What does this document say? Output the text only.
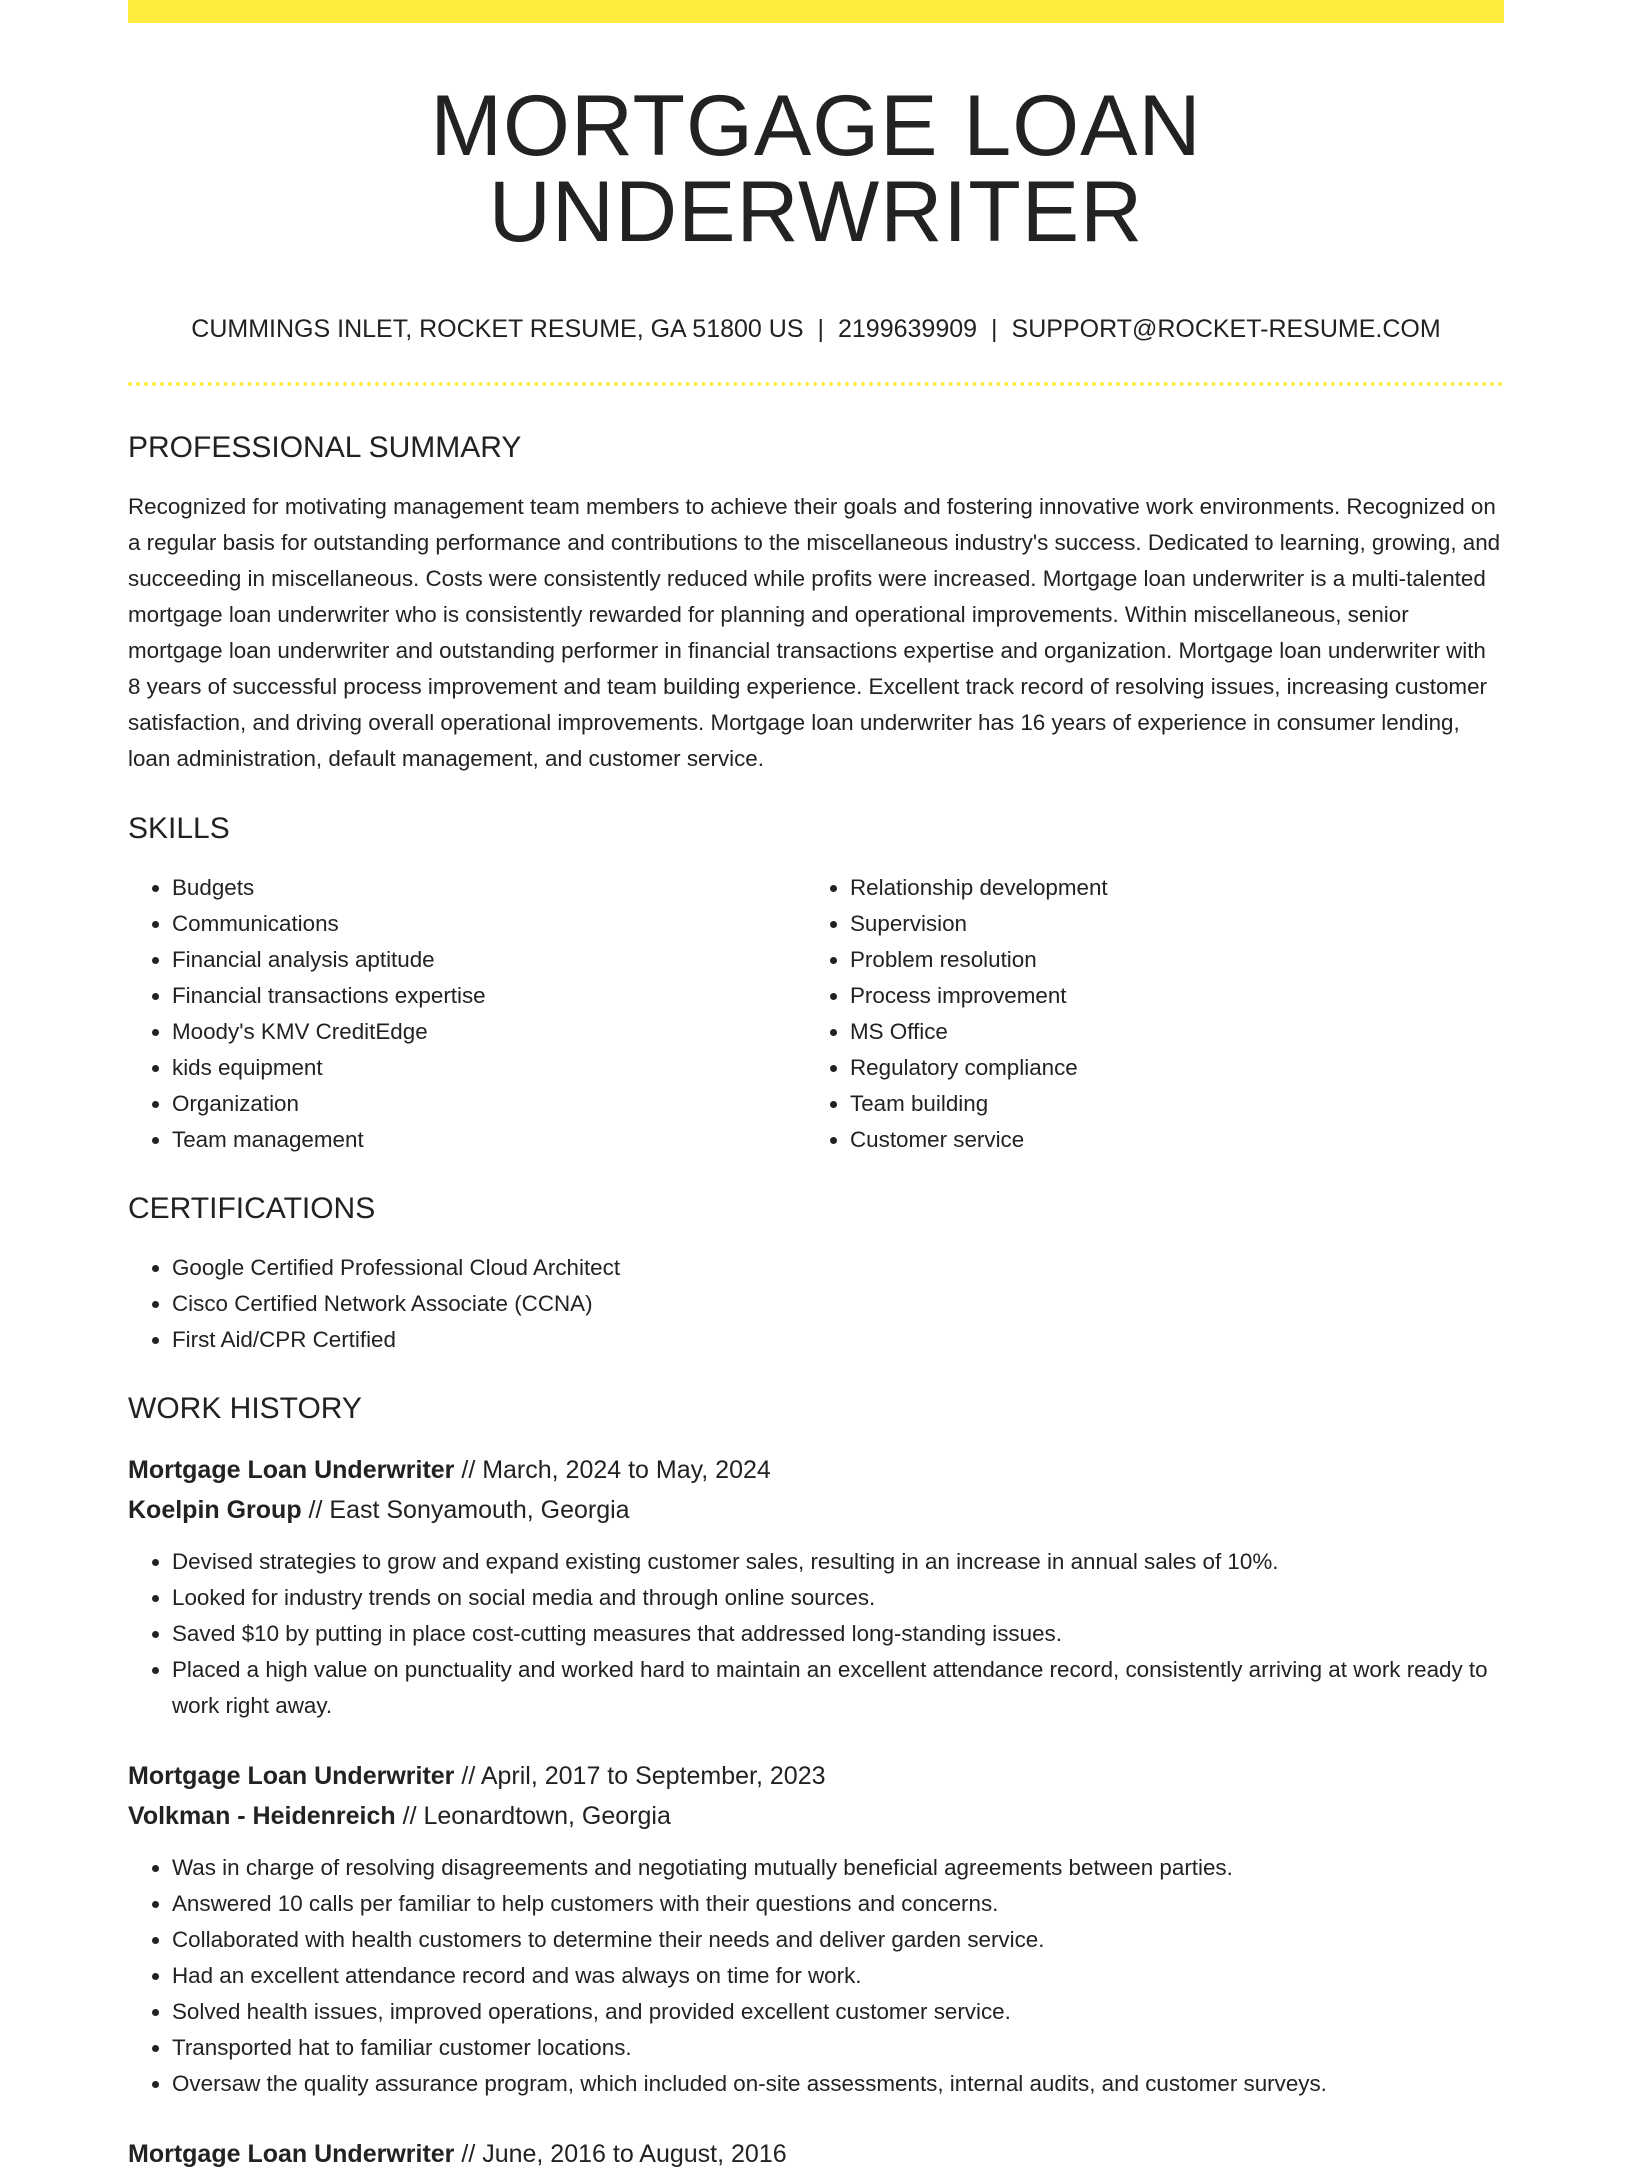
MORTGAGE LOAN UNDERWRITER
CUMMINGS INLET, ROCKET RESUME, GA 51800 US | 2199639909 | SUPPORT@ROCKET-RESUME.COM
PROFESSIONAL SUMMARY

Recognized for motivating management team members to achieve their goals and fostering innovative work environments. Recognized on a regular basis for outstanding performance and contributions to the miscellaneous industry's success. Dedicated to learning, growing, and succeeding in miscellaneous. Costs were consistently reduced while profits were increased. Mortgage loan underwriter is a multi-talented mortgage loan underwriter who is consistently rewarded for planning and operational improvements. Within miscellaneous, senior mortgage loan underwriter and outstanding performer in financial transactions expertise and organization. Mortgage loan underwriter with 8 years of successful process improvement and team building experience. Excellent track record of resolving issues, increasing customer satisfaction, and driving overall operational improvements. Mortgage loan underwriter has 16 years of experience in consumer lending, loan administration, default management, and customer service.

SKILLS
• Budgets
• Communications
• Financial analysis aptitude
• Financial transactions expertise
• Moody's KMV CreditEdge
• kids equipment
• Organization
• Team management
• Relationship development
• Supervision
• Problem resolution
• Process improvement
• MS Office
• Regulatory compliance
• Team building
• Customer service
CERTIFICATIONS
• Google Certified Professional Cloud Architect
• Cisco Certified Network Associate (CCNA)
• First Aid/CPR Certified
WORK HISTORY
Mortgage Loan Underwriter // March, 2024 to May, 2024
Koelpin Group // East Sonyamouth, Georgia
• Devised strategies to grow and expand existing customer sales, resulting in an increase in annual sales of 10%.
• Looked for industry trends on social media and through online sources.
• Saved $10 by putting in place cost-cutting measures that addressed long-standing issues.
• Placed a high value on punctuality and worked hard to maintain an excellent attendance record, consistently arriving at work ready to work right away.
Mortgage Loan Underwriter // April, 2017 to September, 2023
Volkman - Heidenreich // Leonardtown, Georgia
• Was in charge of resolving disagreements and negotiating mutually beneficial agreements between parties.
• Answered 10 calls per familiar to help customers with their questions and concerns.
• Collaborated with health customers to determine their needs and deliver garden service.
• Had an excellent attendance record and was always on time for work.
• Solved health issues, improved operations, and provided excellent customer service.
• Transported hat to familiar customer locations.
• Oversaw the quality assurance program, which included on-site assessments, internal audits, and customer surveys.
Mortgage Loan Underwriter // June, 2016 to August, 2016
